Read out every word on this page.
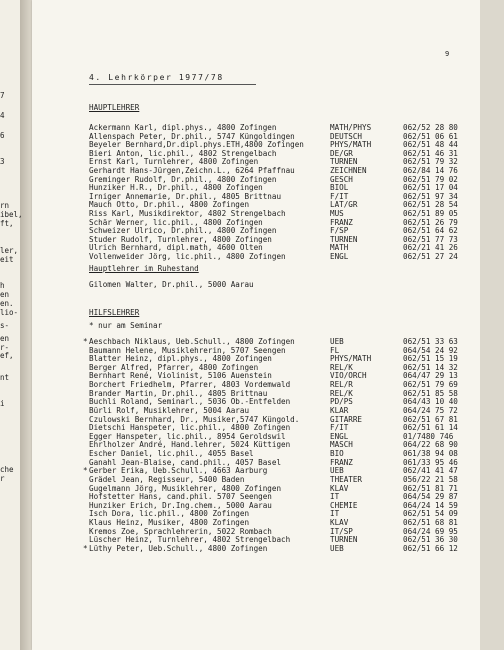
7
4
6
3
rn
ibel,
ft,
ler,
eit
h
en
en.
lio-
s-
en
r-
ef,
nt
i
che
r
9
4. Lehrkörper 1977/78
HAUPTLEHRER
Ackermann Karl, dipl.phys., 4800 Zofingen	MATH/PHYS	062/52 28 80
Allenspach Peter, Dr.phil., 5747 Küngoldingen	DEUTSCH	062/51 06 61
Beyeler Bernhard,Dr.dipl.phys.ETH,4800 Zofingen	PHYS/MATH	062/51 48 44
Bieri Anton, lic.phil., 4802 Strengelbach	DE/GR	062/51 46 31
Ernst Karl, Turnlehrer, 4800 Zofingen	TURNEN	062/51 79 32
Gerhardt Hans-Jürgen,Zeichn.L., 6264 Pfaffnau	ZEICHNEN	062/84 14 76
Greminger Rudolf, Dr.phil., 4800 Zofingen	GESCH	062/51 79 02
Hunziker H.R., Dr.phil., 4800 Zofingen	BIOL	062/51 17 04
Irniger Annemarie, Dr.phil., 4805 Brittnau	F/IT	062/51 97 34
Mauch Otto, Dr.phil., 4800 Zofingen	LAT/GR	062/51 28 54
Riss Karl, Musikdirektor, 4802 Strengelbach	MUS	062/51 89 05
Schär Werner, lic.phil., 4800 Zofingen	FRANZ	062/51 26 79
Schweizer Ulrico, Dr.phil., 4800 Zofingen	F/SP	062/51 64 62
Studer Rudolf, Turnlehrer, 4800 Zofingen	TURNEN	062/51 77 73
Ulrich Bernhard, dipl.math, 4600 Olten	MATH	062/21 41 26
Vollenweider Jörg, lic.phil., 4800 Zofingen	ENGL	062/51 27 24
Hauptlehrer im Ruhestand
Gilomen Walter, Dr.phil., 5000 Aarau
HILFSLEHRER
* nur am Seminar
* Aeschbach Niklaus, Ueb.Schull., 4800 Zofingen	UEB	062/51 33 63
Baumann Helene, Musiklehrerin, 5707 Seengen	FL	064/54 24 92
Blatter Heinz, dipl.phys., 4800 Zofingen	PHYS/MATH	062/51 15 19
Berger Alfred, Pfarrer, 4800 Zofingen	REL/K	062/51 14 32
Bernhart René, Violinist, 5106 Auenstein	VIO/ORCH	064/47 29 13
Borchert Friedhelm, Pfarrer, 4803 Vordemwald	REL/R	062/51 79 69
Brander Martin, Dr.phil., 4805 Brittnau	REL/K	062/51 85 58
Buchli Roland, Seminarl., 5036 Ob.-Entfelden	PD/PS	064/43 10 40
Bürli Rolf, Musiklehrer, 5004 Aarau	KLAR	064/24 75 72
Czulowski Bernhard, Dr., Musiker,5747 Küngold.	GITARRE	062/51 67 81
Dietschi Hanspeter, lic.phil., 4800 Zofingen	F/IT	062/51 61 14
Egger Hanspeter, lic.phil., 8954 Geroldswil	ENGL	01/7480 746
Ehrlholzer André, Hand.lehrer, 5024 Küttigen	MASCH	064/22 68 90
Escher Daniel, lic.phil., 4055 Basel	BIO	061/38 94 08
Ganahl Jean-Blaise, cand.phil., 4057 Basel	FRANZ	061/33 95 46
* Gerber Erika, Ueb.Schull., 4663 Aarburg	UEB	062/41 41 47
Grädel Jean, Regisseur, 5400 Baden	THEATER	056/22 21 58
Gugelmann Jörg, Musiklehrer, 4800 Zofingen	KLAV	062/51 81 71
Hofstetter Hans, cand.phil. 5707 Seengen	IT	064/54 29 87
Hunziker Erich, Dr.Ing.chem., 5000 Aarau	CHEMIE	064/24 14 59
Isch Dora, lic.phil., 4800 Zofingen	IT	062/51 54 09
Klaus Heinz, Musiker, 4800 Zofingen	KLAV	062/51 68 81
Kremos Zoe, Sprachlehrerin, 5022 Rombach	IT/SP	064/24 69 95
Lüscher Heinz, Turnlehrer, 4802 Strengelbach	TURNEN	062/51 36 30
* Lüthy Peter, Ueb.Schull., 4800 Zofingen	UEB	062/51 66 12
